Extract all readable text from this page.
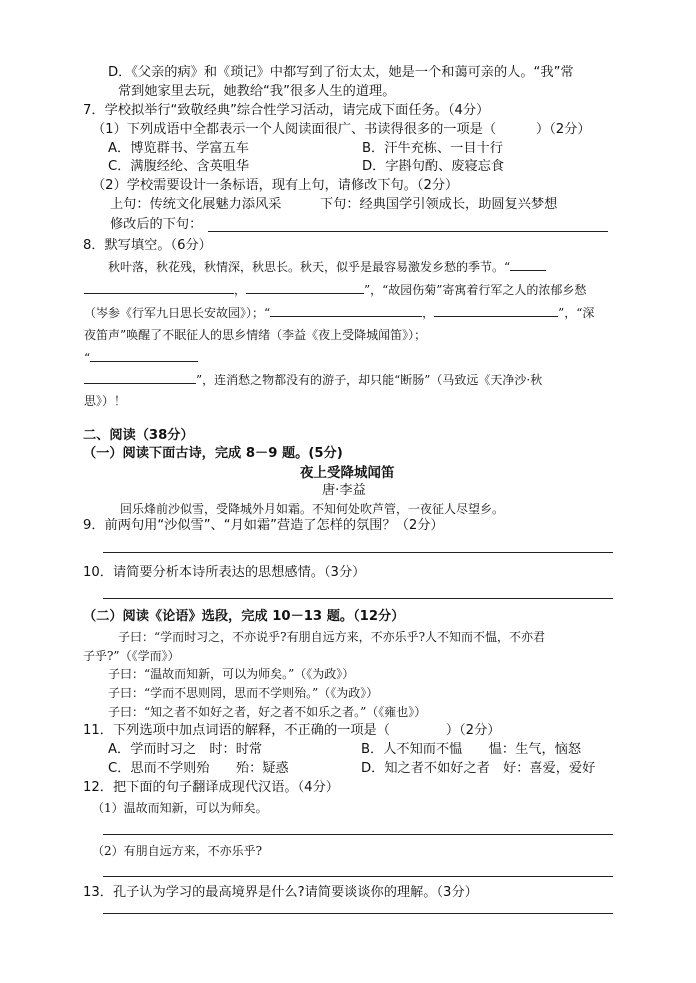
D．《父亲的病》和《琐记》中都写到了衍太太，她是一个和蔼可亲的人。“我”常
常到她家里去玩，她教给“我”很多人生的道理。
7．学校拟举行“致敬经典”综合性学习活动，请完成下面任务。（4分）
（1）下列成语中全都表示一个人阅读面很广、书读得很多的一项是（	）（2分）
A．博览群书、学富五车	B．汗牛充栋、一目十行
C．满腹经纶、含英咀华	D．字斟句酌、废寝忘食
（2）学校需要设计一条标语，现有上句，请修改下句。（2分）
上句：传统文化展魅力添风采	下句：经典国学引领成长，助圆复兴梦想
修改后的下句：
8．默写填空。（6分）
秋叶落，秋花残，秋情深，秋思长。秋天，似乎是最容易激发乡愁的季节。“
，	”，“故园伤菊”寄寓着行军之人的浓郁乡愁
（岑参《行军九日思长安故园》）；“	，	”，“深
夜笛声”唤醒了不眠征人的思乡情绪（李益《夜上受降城闻笛》）；
“
”，连消愁之物都没有的游子，却只能“断肠”（马致远《天净沙·秋
思》）！
二、阅读（38分）
（一）阅读下面古诗，完成 8－9 题。(5分)
夜上受降城闻笛
唐·李益
回乐烽前沙似雪，受降城外月如霜。不知何处吹芦管，一夜征人尽望乡。
9．前两句用“沙似雪”、“月如霜”营造了怎样的氛围？（2分）
10．请简要分析本诗所表达的思想感情。（3分）
（二）阅读《论语》选段，完成 10－13 题。（12分）
子曰：“学而时习之，不亦说乎?有朋自远方来，不亦乐乎?人不知而不愠，不亦君
子乎?”（《学而》）
子曰：“温故而知新，可以为师矣。”（《为政》）
子曰：“学而不思则罔，思而不学则殆。”（《为政》）
子曰：“知之者不如好之者，好之者不如乐之者。”（《雍也》）
11．下列选项中加点词语的解释，不正确的一项是（	）（2分）
A．学而时习之　时：时常	B．人不知而不愠　　愠：生气，恼怒
C．思而不学则殆　　殆：疑惑	D．知之者不如好之者　好：喜爱，爱好
12．把下面的句子翻译成现代汉语。（4分）
（1）温故而知新，可以为师矣。
（2）有朋自远方来，不亦乐乎?
13．孔子认为学习的最高境界是什么?请简要谈谈你的理解。（3分）
